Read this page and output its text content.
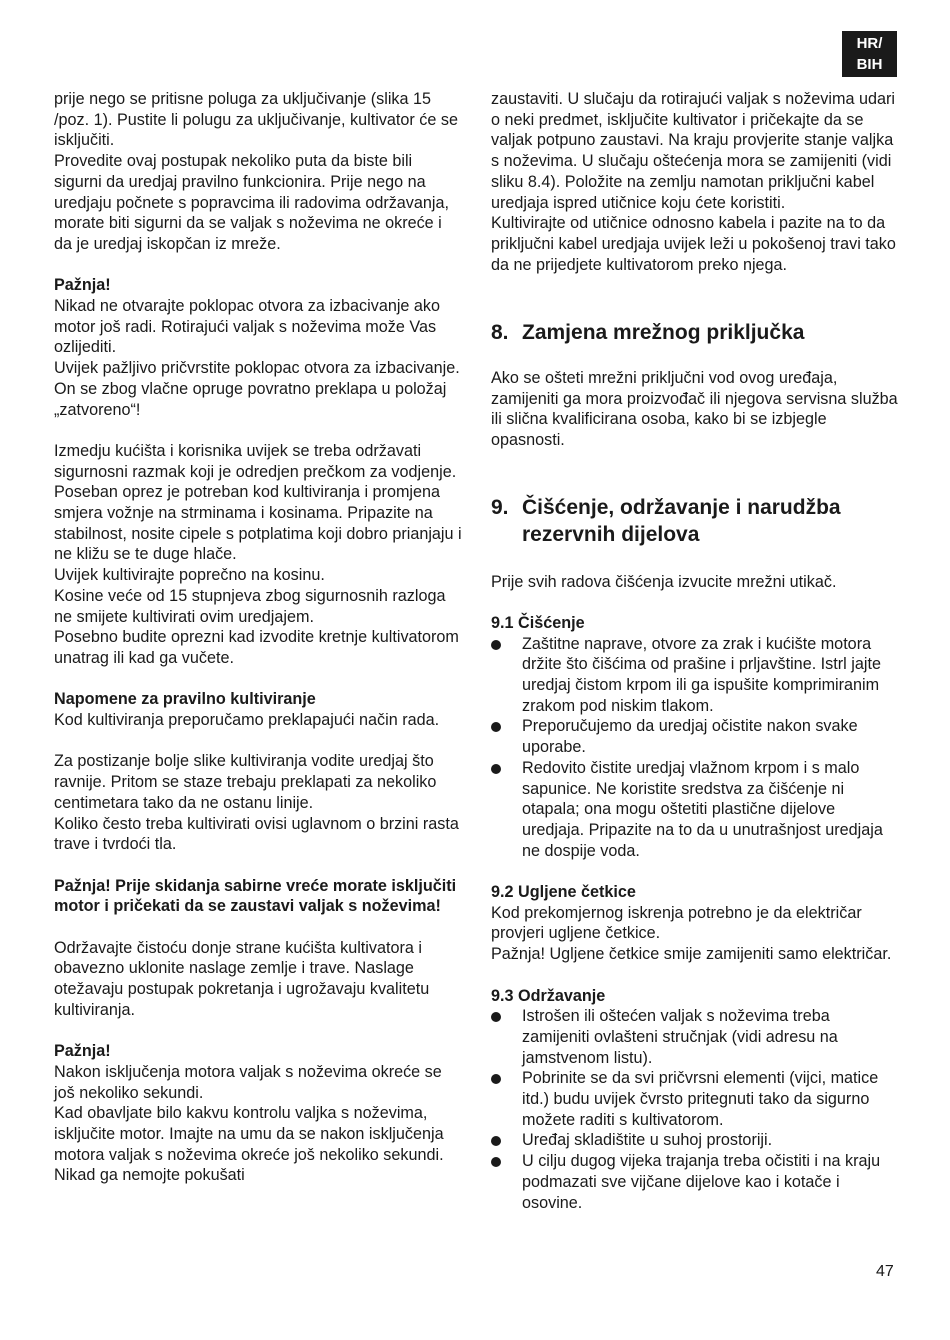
HR/
BIH

prije nego se pritisne poluga za uključivanje (slika 15 /poz. 1). Pustite li polugu za uključivanje, kultivator će se isključiti.

Provedite ovaj postupak nekoliko puta da biste bili sigurni da uredjaj pravilno funkcionira. Prije nego na uredjaju počnete s popravcima ili radovima održavanja, morate biti sigurni da se valjak s noževima ne okreće i da je uredjaj iskopčan iz mreže.

Pažnja!

Nikad ne otvarajte poklopac otvora za izbacivanje ako motor još radi. Rotirajući valjak s noževima može Vas ozlijediti.

Uvijek pažljivo pričvrstite poklopac otvora za izbacivanje. On se zbog vlačne opruge povratno preklapa u položaj „zatvoreno“!

Izmedju kućišta i korisnika uvijek se treba održavati sigurnosni razmak koji je odredjen prečkom za vodjenje. Poseban oprez je potreban kod kultiviranja i promjena smjera vožnje na strminama i kosinama. Pripazite na stabilnost, nosite cipele s potplatima koji dobro prianjaju i ne kližu se te duge hlače.

Uvijek kultivirajte poprečno na kosinu.

Kosine veće od 15 stupnjeva zbog sigurnosnih razloga ne smijete kultivirati ovim uredjajem.

Posebno budite oprezni kad izvodite kretnje kultivatorom unatrag ili kad ga vučete.

Napomene za pravilno kultiviranje

Kod kultiviranja preporučamo preklapajući način rada.

Za postizanje bolje slike kultiviranja vodite uredjaj što ravnije. Pritom se staze trebaju preklapati za nekoliko centimetara tako da ne ostanu linije.

Koliko često treba kultivirati ovisi uglavnom o brzini rasta trave i tvrdoći tla.

Pažnja! Prije skidanja sabirne vreće morate isključiti motor i pričekati da se zaustavi valjak s noževima!

Održavajte čistoću donje strane kućišta kultivatora i obavezno uklonite naslage zemlje i trave. Naslage otežavaju postupak pokretanja i ugrožavaju kvalitetu kultiviranja.

Pažnja!

Nakon isključenja motora valjak s noževima okreće se još nekoliko sekundi.

Kad obavljate bilo kakvu kontrolu valjka s noževima, isključite motor. Imajte na umu da se nakon isključenja motora valjak s noževima okreće još nekoliko sekundi. Nikad ga nemojte pokušati

zaustaviti. U slučaju da rotirajući valjak s noževima udari o neki predmet, isključite kultivator i pričekajte da se valjak potpuno zaustavi. Na kraju provjerite stanje valjka s noževima. U slučaju oštećenja mora se zamijeniti (vidi sliku 8.4). Položite na zemlju namotan priključni kabel uredjaja ispred utičnice koju ćete koristiti.

Kultivirajte od utičnice odnosno kabela i pazite na to da priključni kabel uredjaja uvijek leži u pokošenoj travi tako da ne prijedjete kultivatorom preko njega.

8. Zamjena mrežnog priključka

Ako se ošteti mrežni priključni vod ovog uređaja, zamijeniti ga mora proizvođač ili njegova servisna služba ili slična kvalificirana osoba, kako bi se izbjegle opasnosti.

9. Čišćenje, održavanje i narudžba rezervnih dijelova

Prije svih radova čišćenja izvucite mrežni utikač.

9.1 Čišćenje

Zaštitne naprave, otvore za zrak i kućište motora držite što čišćima od prašine i prljavštine. Istrl jajte uredjaj čistom krpom ili ga ispušite komprimiranim zrakom pod niskim tlakom.
Preporučujemo da uredjaj očistite nakon svake uporabe.
Redovito čistite uredjaj vlažnom krpom i s malo sapunice. Ne koristite sredstva za čišćenje ni otapala; ona mogu oštetiti plastične dijelove uredjaja. Pripazite na to da u unutrašnjost uredjaja ne dospije voda.

9.2 Ugljene četkice

Kod prekomjernog iskrenja potrebno je da električar provjeri ugljene četkice.

Pažnja! Ugljene četkice smije zamijeniti samo električar.

9.3 Održavanje

Istrošen ili oštećen valjak s noževima treba zamijeniti ovlašteni stručnjak (vidi adresu na jamstvenom listu).
Pobrinite se da svi pričvrsni elementi (vijci, matice itd.) budu uvijek čvrsto pritegnuti tako da sigurno možete raditi s kultivatorom.
Uređaj skladištite u suhoj prostoriji.
U cilju dugog vijeka trajanja treba očistiti i na kraju podmazati sve vijčane dijelove kao i kotače i osovine.
47
